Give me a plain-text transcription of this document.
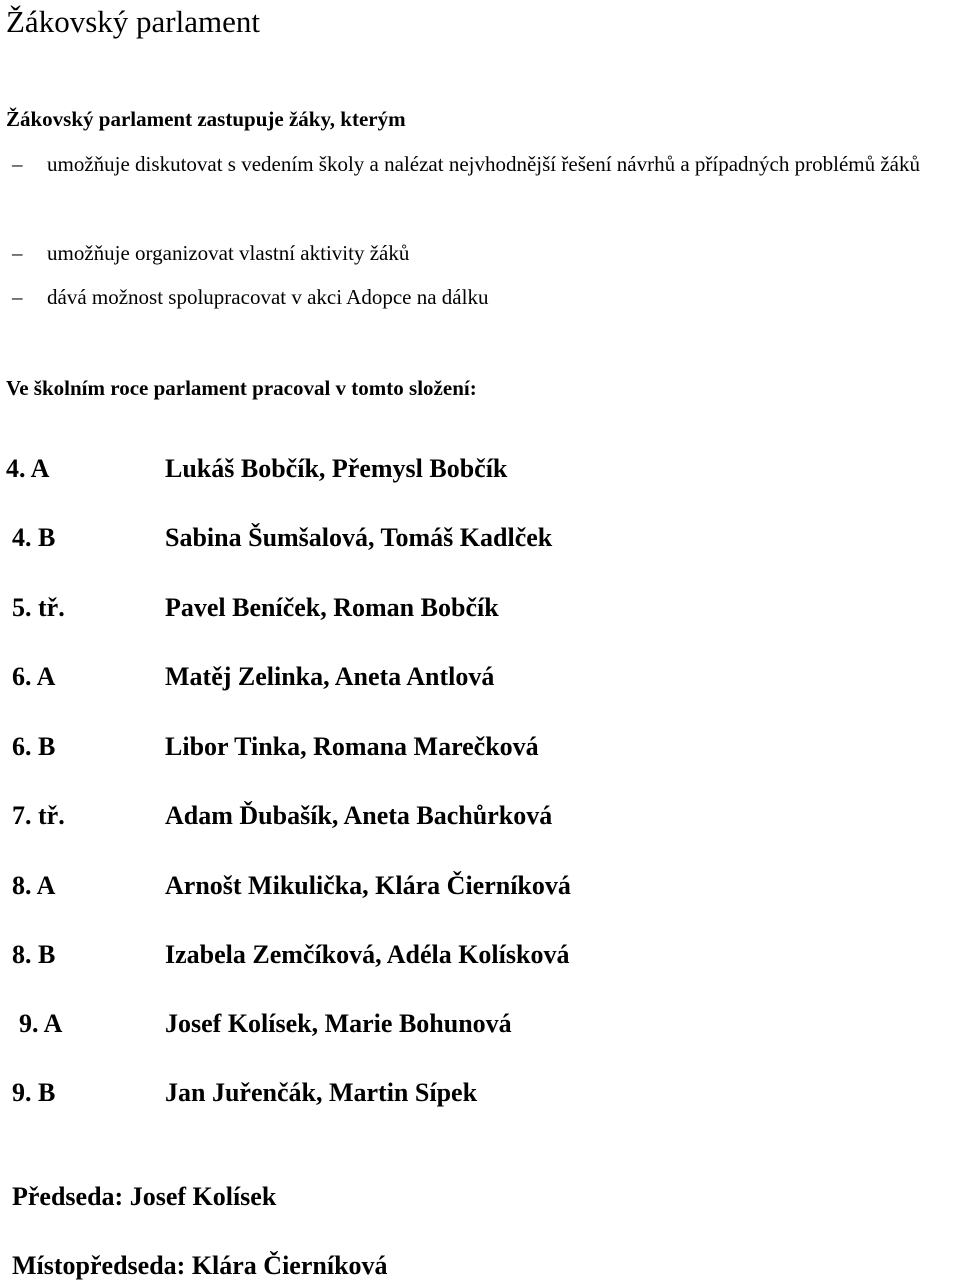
Žákovský parlament

Žákovský parlament zastupuje žáky, kterým

– umožňuje diskutovat s vedením školy a nalézat nejvhodnější řešení návrhů a případných problémů žáků
– umožňuje organizovat vlastní aktivity žáků
– dává možnost spolupracovat v akci Adopce na dálku

Ve školním roce parlament pracoval v tomto složení:

4. A	Lukáš Bobčík, Přemysl Bobčík
4. B	Sabina Šumšalová, Tomáš Kadlček
5. tř.	Pavel Beníček, Roman Bobčík
6. A	Matěj Zelinka, Aneta Antlová
6. B	Libor Tinka, Romana Marečková
7. tř.	Adam Ďubašík, Aneta Bachůrková
8. A	Arnošt Mikulička, Klára Čierníková
8. B	Izabela Zemčíková, Adéla Kolísková
9. A	Josef Kolísek, Marie Bohunová
9. B	Jan Juřenčák, Martin Sípek

Předseda: Josef Kolísek

Místopředseda: Klára Čierníková
